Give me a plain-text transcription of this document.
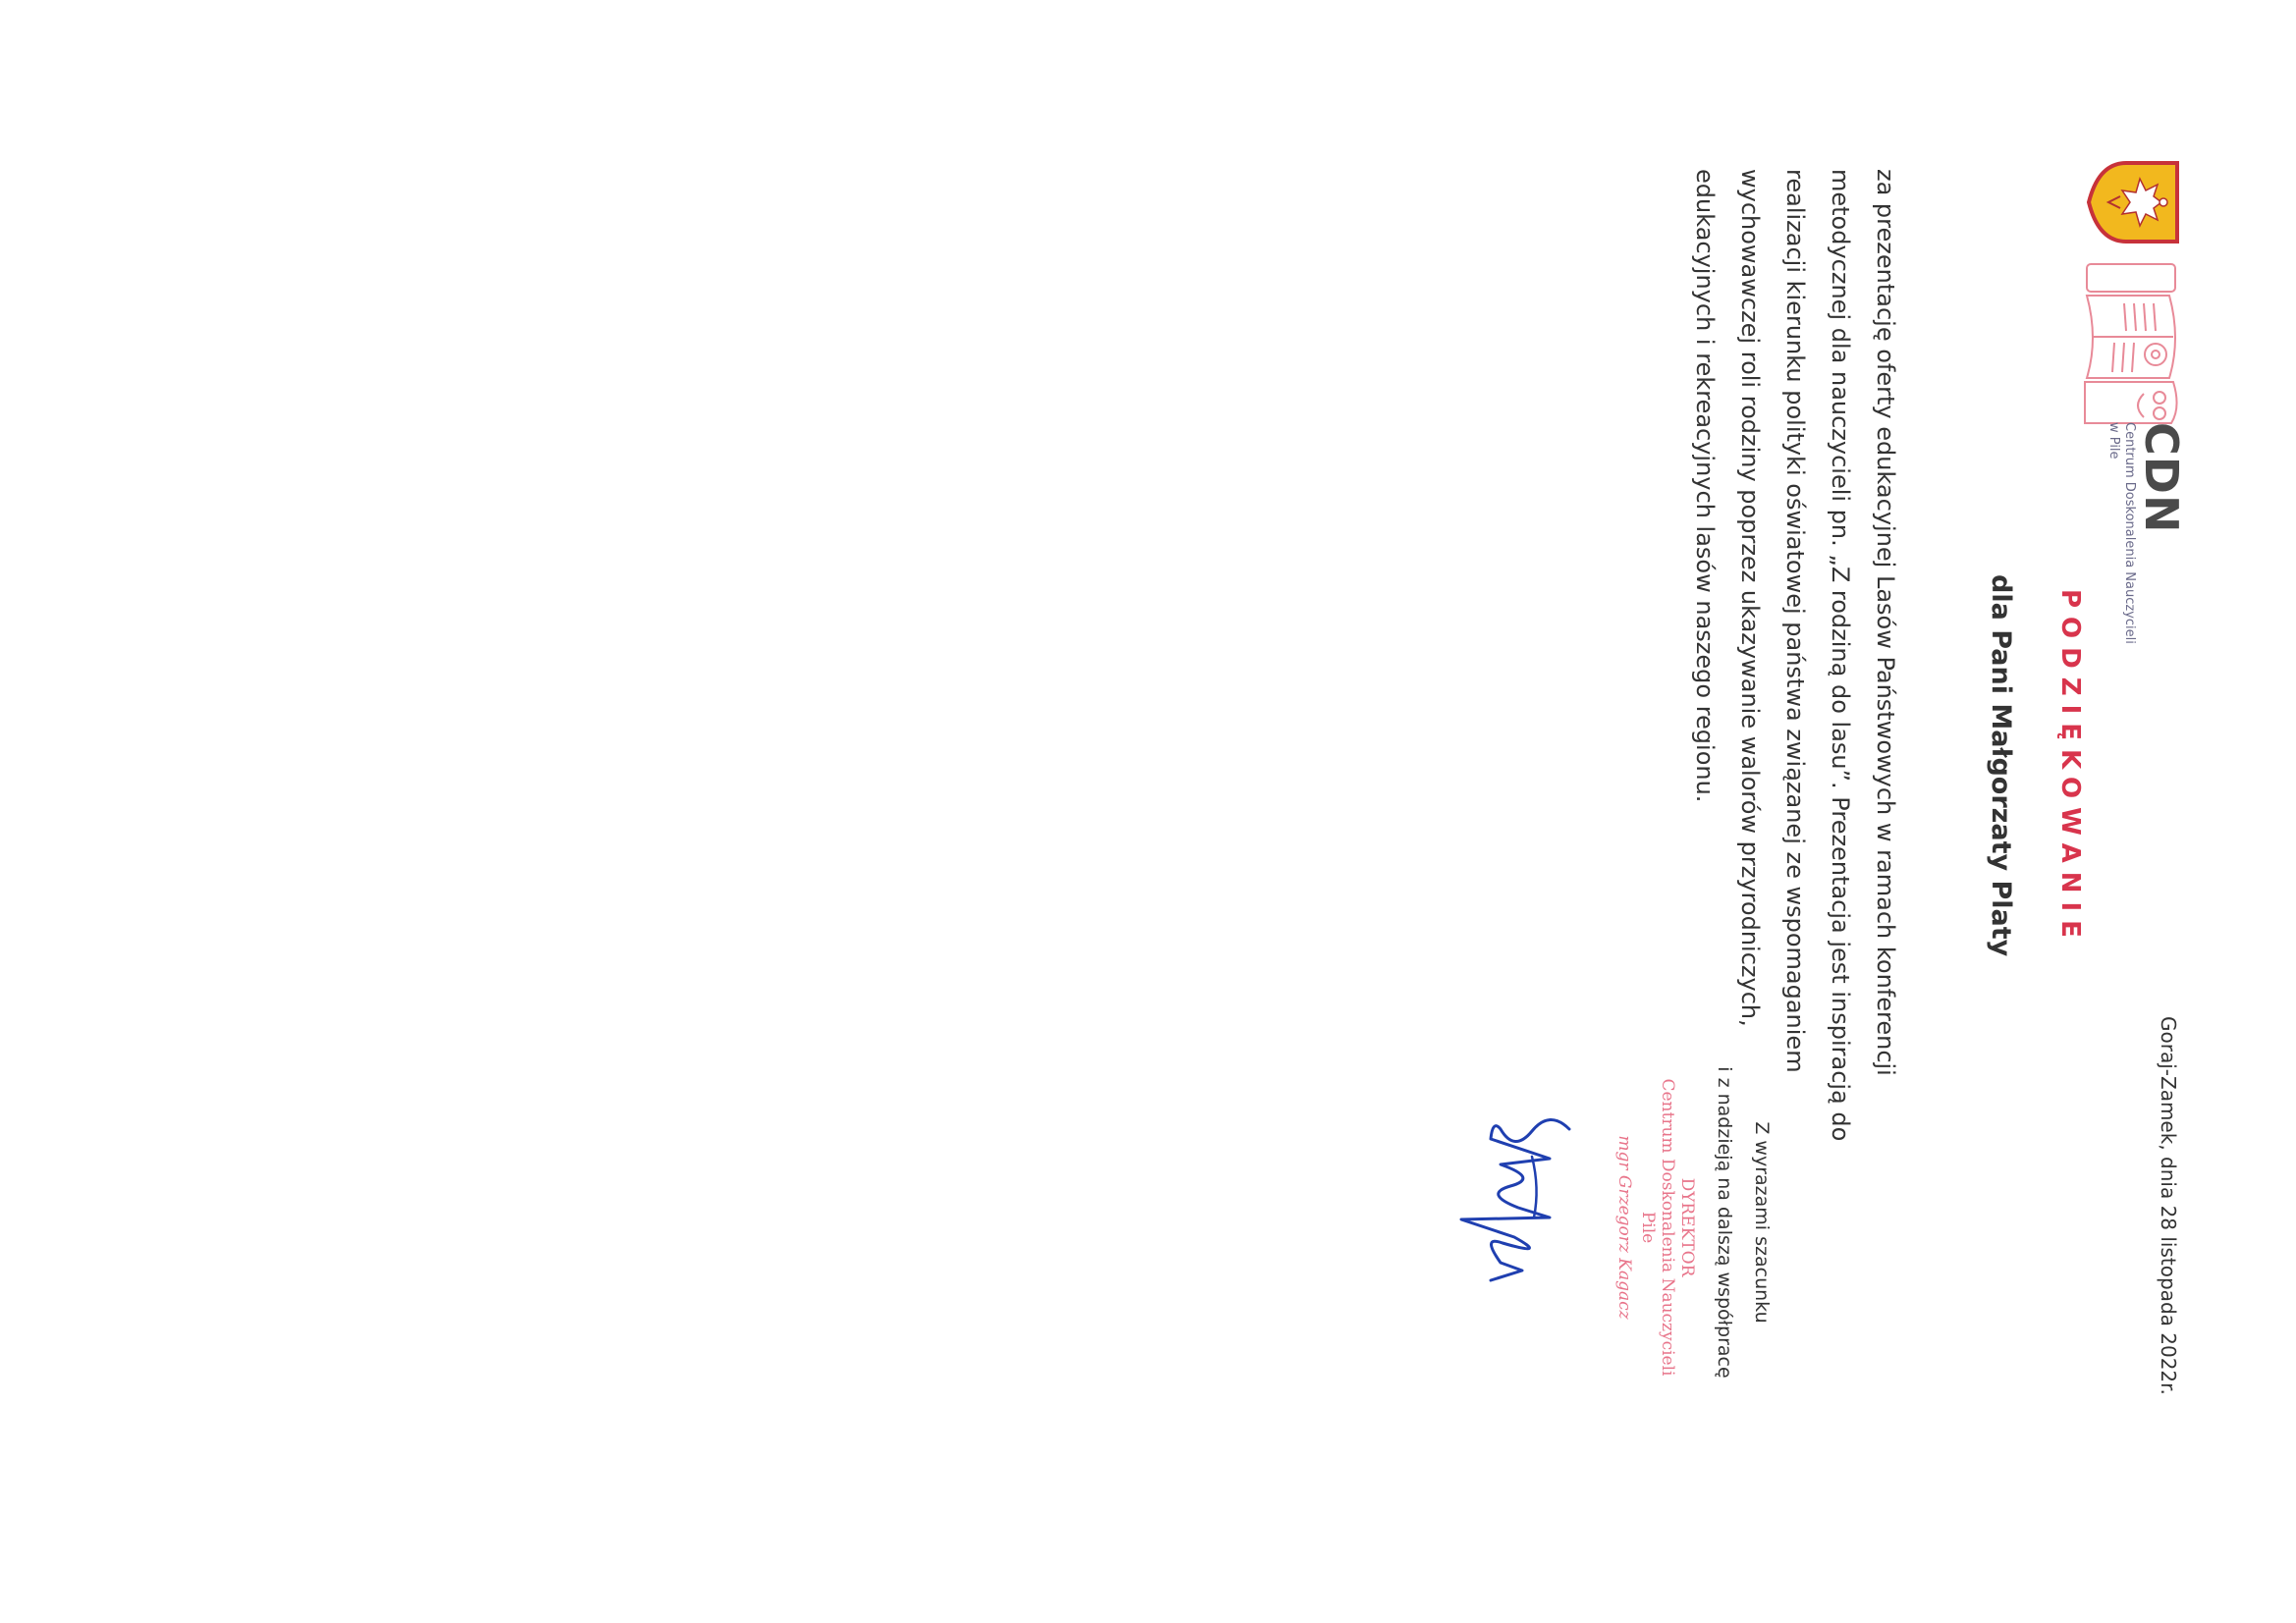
CDN
Centrum Doskonalenia Nauczycieli
w Pile
Goraj-Zamek, dnia 28 listopada 2022r.
PODZIĘKOWANIE
dla Pani Małgorzaty Platy
za prezentację oferty edukacyjnej Lasów Państwowych w ramach konferencji
metodycznej dla nauczycieli pn. „Z rodziną do lasu”. Prezentacja jest inspiracją do
realizacji kierunku polityki oświatowej państwa związanej ze wspomaganiem
wychowawczej roli rodziny poprzez ukazywanie walorów przyrodniczych,
edukacyjnych i rekreacyjnych lasów naszego regionu.
Z wyrazami szacunku
i z nadzieją na dalszą współpracę
DYREKTOR
Centrum Doskonalenia Nauczycieli
Pile
mgr Grzegorz Kagacz
